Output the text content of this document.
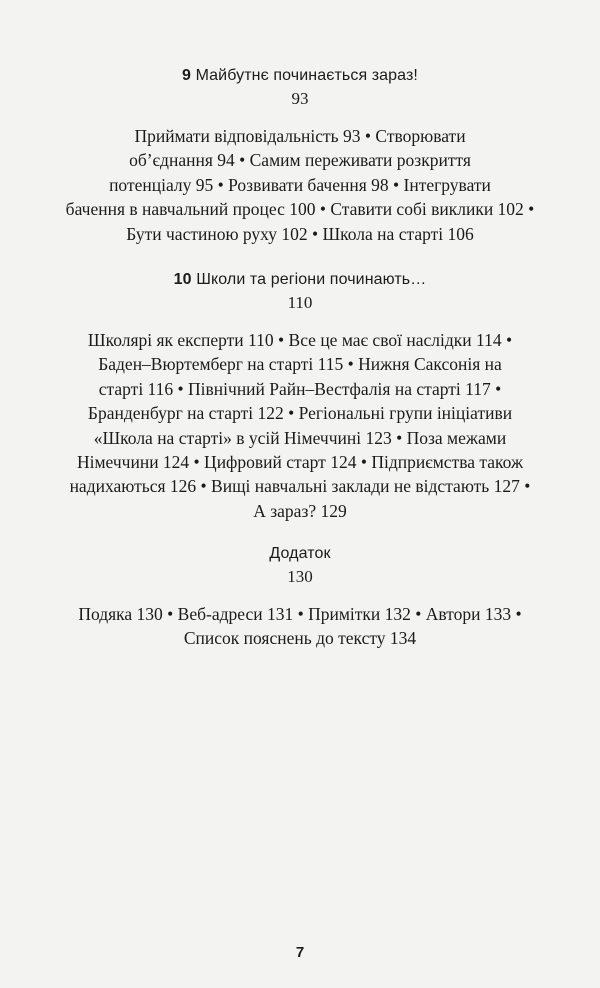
9 Майбутнє починається зараз!
93
Приймати відповідальність 93 • Створювати
об’єднання 94 • Самим переживати розкриття
потенціалу 95 • Розвивати бачення 98 • Інтегрувати
бачення в навчальний процес 100 • Ставити собі виклики 102 •
Бути частиною руху 102 • Школа на старті 106
10 Школи та регіони починають…
110
Школярі як експерти 110 • Все це має свої наслідки 114 •
Баден–Вюртемберг на старті 115 • Нижня Саксонія на
старті 116 • Північний Райн–Вестфалія на старті 117 •
Бранденбург на старті 122 • Регіональні групи ініціативи
«Школа на старті» в усій Німеччині 123 • Поза межами
Німеччини 124 • Цифровий старт 124 • Підприємства також
надихаються 126 • Вищі навчальні заклади не відстають 127 •
А зараз? 129
Додаток
130
Подяка 130 • Веб-адреси 131 • Примітки 132 • Автори 133 •
Список пояснень до тексту 134
7
